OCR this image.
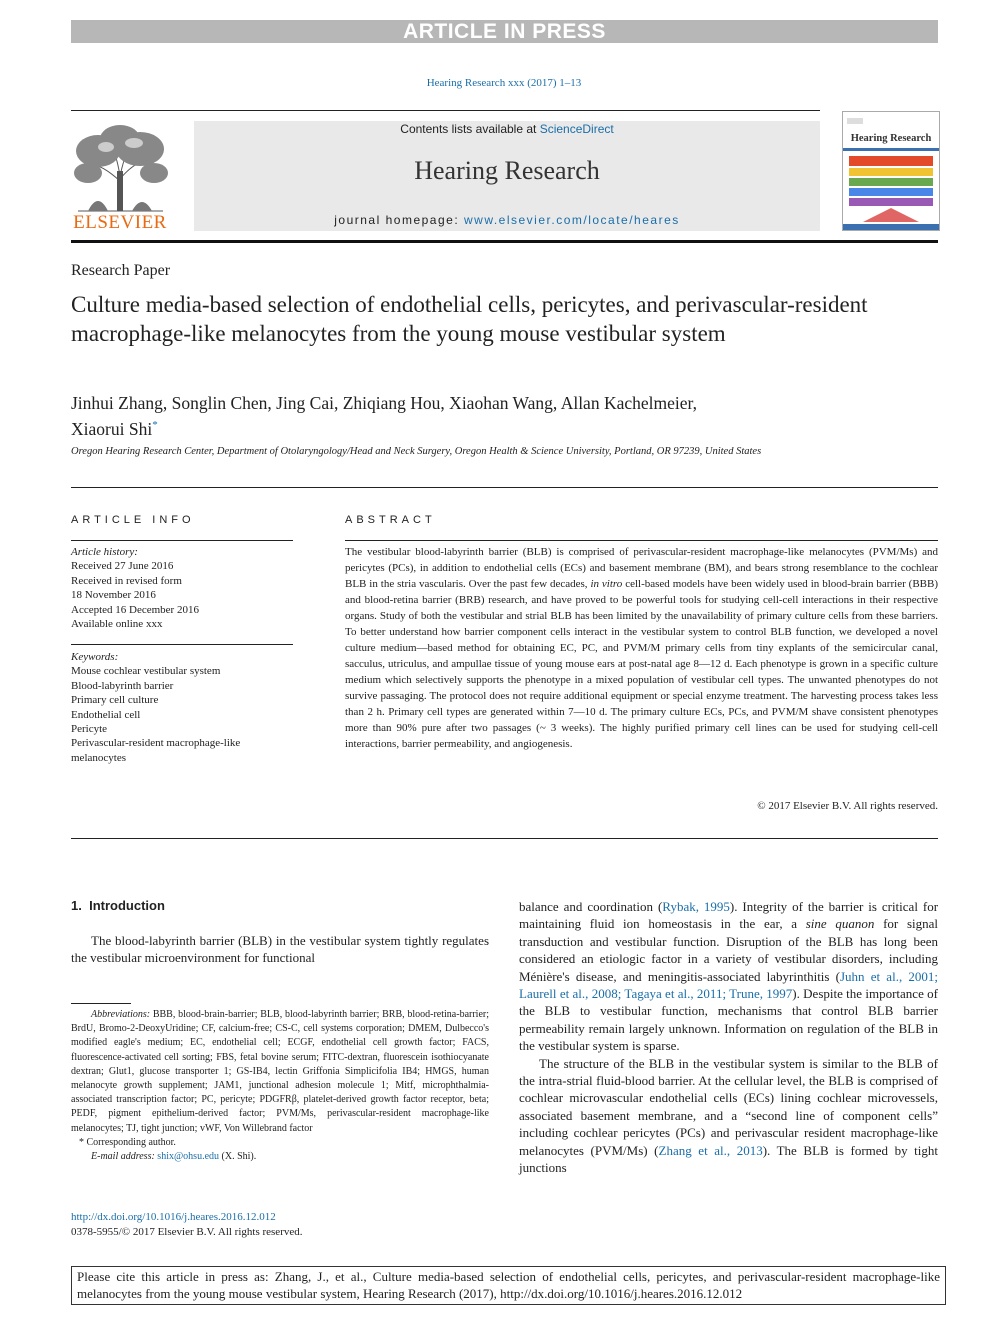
ARTICLE IN PRESS
Hearing Research xxx (2017) 1–13
ELSEVIER
Contents lists available at ScienceDirect
Hearing Research
journal homepage: www.elsevier.com/locate/heares
Hearing Research
Research Paper
Culture media-based selection of endothelial cells, pericytes, and perivascular-resident macrophage-like melanocytes from the young mouse vestibular system
Jinhui Zhang, Songlin Chen, Jing Cai, Zhiqiang Hou, Xiaohan Wang, Allan Kachelmeier,
Xiaorui Shi*
Oregon Hearing Research Center, Department of Otolaryngology/Head and Neck Surgery, Oregon Health & Science University, Portland, OR 97239, United States
ARTICLE INFO
Article history:
Received 27 June 2016
Received in revised form
18 November 2016
Accepted 16 December 2016
Available online xxx
Keywords:
Mouse cochlear vestibular system
Blood-labyrinth barrier
Primary cell culture
Endothelial cell
Pericyte
Perivascular-resident macrophage-like
melanocytes
ABSTRACT
The vestibular blood-labyrinth barrier (BLB) is comprised of perivascular-resident macrophage-like melanocytes (PVM/Ms) and pericytes (PCs), in addition to endothelial cells (ECs) and basement membrane (BM), and bears strong resemblance to the cochlear BLB in the stria vascularis. Over the past few decades, in vitro cell-based models have been widely used in blood-brain barrier (BBB) and blood-retina barrier (BRB) research, and have proved to be powerful tools for studying cell-cell interactions in their respective organs. Study of both the vestibular and strial BLB has been limited by the unavailability of primary culture cells from these barriers. To better understand how barrier component cells interact in the vestibular system to control BLB function, we developed a novel culture medium—based method for obtaining EC, PC, and PVM/M primary cells from tiny explants of the semicircular canal, sacculus, utriculus, and ampullae tissue of young mouse ears at post-natal age 8—12 d. Each phenotype is grown in a specific culture medium which selectively supports the phenotype in a mixed population of vestibular cell types. The unwanted phenotypes do not survive passaging. The protocol does not require additional equipment or special enzyme treatment. The harvesting process takes less than 2 h. Primary cell types are generated within 7—10 d. The primary culture ECs, PCs, and PVM/M shave consistent phenotypes more than 90% pure after two passages (~ 3 weeks). The highly purified primary cell lines can be used for studying cell-cell interactions, barrier permeability, and angiogenesis.
© 2017 Elsevier B.V. All rights reserved.
1. Introduction
The blood-labyrinth barrier (BLB) in the vestibular system tightly regulates the vestibular microenvironment for functional
Abbreviations: BBB, blood-brain-barrier; BLB, blood-labyrinth barrier; BRB, blood-retina-barrier; BrdU, Bromo-2-DeoxyUridine; CF, calcium-free; CS-C, cell systems corporation; DMEM, Dulbecco's modified eagle's medium; EC, endothelial cell; ECGF, endothelial cell growth factor; FACS, fluorescence-activated cell sorting; FBS, fetal bovine serum; FITC-dextran, fluorescein isothiocyanate dextran; Glut1, glucose transporter 1; GS-IB4, lectin Griffonia Simplicifolia IB4; HMGS, human melanocyte growth supplement; JAM1, junctional adhesion molecule 1; Mitf, microphthalmia-associated transcription factor; PC, pericyte; PDGFRβ, platelet-derived growth factor receptor, beta; PEDF, pigment epithelium-derived factor; PVM/Ms, perivascular-resident macrophage-like melanocytes; TJ, tight junction; vWF, Von Willebrand factor
* Corresponding author.
E-mail address: shix@ohsu.edu (X. Shi).
http://dx.doi.org/10.1016/j.heares.2016.12.012
0378-5955/© 2017 Elsevier B.V. All rights reserved.
balance and coordination (Rybak, 1995). Integrity of the barrier is critical for maintaining fluid ion homeostasis in the ear, a sine quanon for signal transduction and vestibular function. Disruption of the BLB has long been considered an etiologic factor in a variety of vestibular disorders, including Ménière's disease, and meningitis-associated labyrinthitis (Juhn et al., 2001; Laurell et al., 2008; Tagaya et al., 2011; Trune, 1997). Despite the importance of the BLB to vestibular function, mechanisms that control BLB barrier permeability remain largely unknown. Information on regulation of the BLB in the vestibular system is sparse.
The structure of the BLB in the vestibular system is similar to the BLB of the intra-strial fluid-blood barrier. At the cellular level, the BLB is comprised of cochlear microvascular endothelial cells (ECs) lining cochlear microvessels, associated basement membrane, and a “second line of component cells” including cochlear pericytes (PCs) and perivascular resident macrophage-like melanocytes (PVM/Ms) (Zhang et al., 2013). The BLB is formed by tight junctions
Please cite this article in press as: Zhang, J., et al., Culture media-based selection of endothelial cells, pericytes, and perivascular-resident macrophage-like melanocytes from the young mouse vestibular system, Hearing Research (2017), http://dx.doi.org/10.1016/j.heares.2016.12.012
